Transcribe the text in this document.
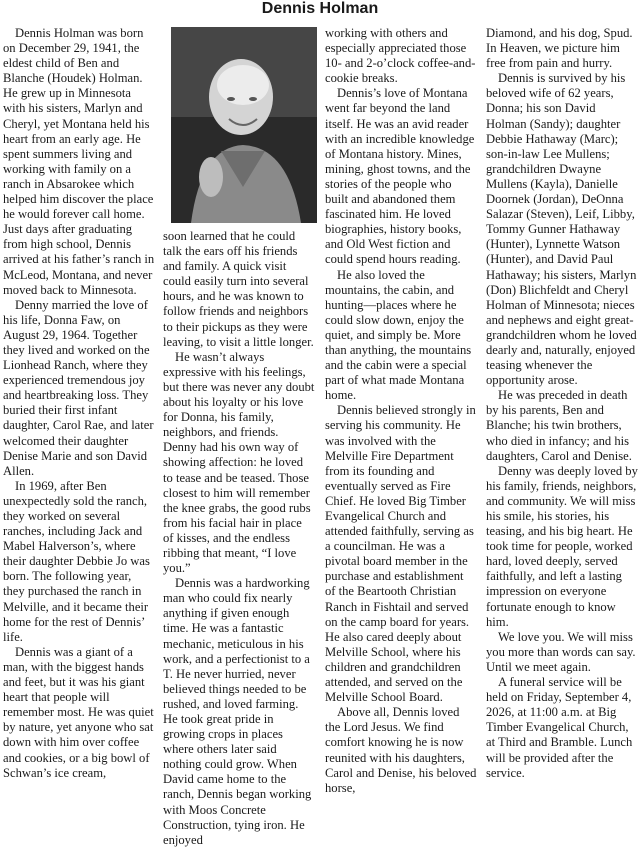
Dennis Holman

Dennis Holman was born on December 29, 1941, the eldest child of Ben and Blanche (Houdek) Holman. He grew up in Minnesota with his sisters, Marlyn and Cheryl, yet Montana held his heart from an early age. He spent summers living and working with family on a ranch in Absarokee which helped him discover the place he would forever call home. Just days after graduating from high school, Dennis arrived at his father’s ranch in McLeod, Montana, and never moved back to Minnesota.

Denny married the love of his life, Donna Faw, on August 29, 1964. Together they lived and worked on the Lionhead Ranch, where they experienced tremendous joy and heartbreaking loss. They buried their first infant daughter, Carol Rae, and later welcomed their daughter Denise Marie and son David Allen.

In 1969, after Ben unexpectedly sold the ranch, they worked on several ranches, including Jack and Mabel Halverson’s, where their daughter Debbie Jo was born. The following year, they purchased the ranch in Melville, and it became their home for the rest of Dennis’ life.

Dennis was a giant of a man, with the biggest hands and feet, but it was his giant heart that people will remember most. He was quiet by nature, yet anyone who sat down with him over coffee and cookies, or a big bowl of Schwan’s ice cream,

soon learned that he could talk the ears off his friends and family. A quick visit could easily turn into several hours, and he was known to follow friends and neighbors to their pickups as they were leaving, to visit a little longer.

He wasn’t always expressive with his feelings, but there was never any doubt about his loyalty or his love for Donna, his family, neighbors, and friends. Denny had his own way of showing affection: he loved to tease and be teased. Those closest to him will remember the knee grabs, the good rubs from his facial hair in place of kisses, and the endless ribbing that meant, “I love you.”

Dennis was a hardworking man who could fix nearly anything if given enough time. He was a fantastic mechanic, meticulous in his work, and a perfectionist to a T. He never hurried, never believed things needed to be rushed, and loved farming. He took great pride in growing crops in places where others later said nothing could grow. When David came home to the ranch, Dennis began working with Moos Concrete Construction, tying iron. He enjoyed

working with others and especially appreciated those 10- and 2-o’clock coffee-and-cookie breaks.

Dennis’s love of Montana went far beyond the land itself. He was an avid reader with an incredible knowledge of Montana history. Mines, mining, ghost towns, and the stories of the people who built and abandoned them fascinated him. He loved biographies, history books, and Old West fiction and could spend hours reading.

He also loved the mountains, the cabin, and hunting—places where he could slow down, enjoy the quiet, and simply be. More than anything, the mountains and the cabin were a special part of what made Montana home.

Dennis believed strongly in serving his community. He was involved with the Melville Fire Department from its founding and eventually served as Fire Chief. He loved Big Timber Evangelical Church and attended faithfully, serving as a councilman. He was a pivotal board member in the purchase and establishment of the Beartooth Christian Ranch in Fishtail and served on the camp board for years. He also cared deeply about Melville School, where his children and grandchildren attended, and served on the Melville School Board.

Above all, Dennis loved the Lord Jesus. We find comfort knowing he is now reunited with his daughters, Carol and Denise, his beloved horse,

Diamond, and his dog, Spud. In Heaven, we picture him free from pain and hurry.

Dennis is survived by his beloved wife of 62 years, Donna; his son David Holman (Sandy); daughter Debbie Hathaway (Marc); son-in-law Lee Mullens; grandchildren Dwayne Mullens (Kayla), Danielle Doornek (Jordan), DeOnna Salazar (Steven), Leif, Libby, Tommy Gunner Hathaway (Hunter), Lynnette Watson (Hunter), and David Paul Hathaway; his sisters, Marlyn (Don) Blichfeldt and Cheryl Holman of Minnesota; nieces and nephews and eight great-grandchildren whom he loved dearly and, naturally, enjoyed teasing whenever the opportunity arose.

He was preceded in death by his parents, Ben and Blanche; his twin brothers, who died in infancy; and his daughters, Carol and Denise.

Denny was deeply loved by his family, friends, neighbors, and community. We will miss his smile, his stories, his teasing, and his big heart. He took time for people, worked hard, loved deeply, served faithfully, and left a lasting impression on everyone fortunate enough to know him.

We love you. We will miss you more than words can say. Until we meet again.

A funeral service will be held on Friday, September 4, 2026, at 11:00 a.m. at Big Timber Evangelical Church, at Third and Bramble. Lunch will be provided after the service.
